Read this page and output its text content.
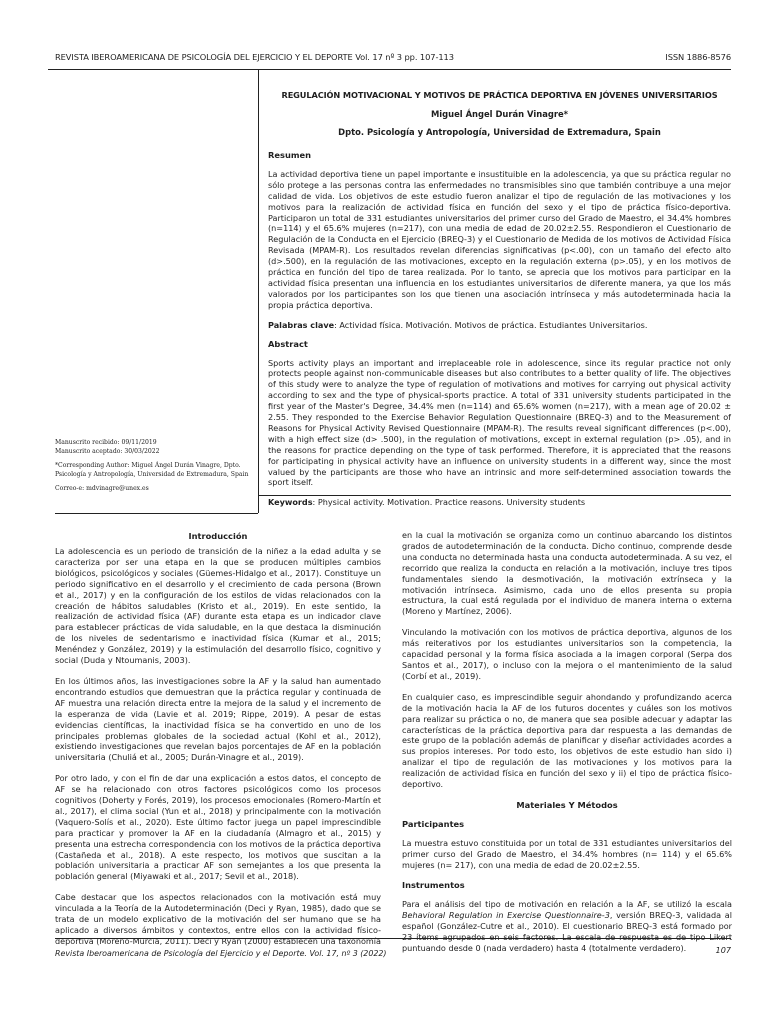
REVISTA IBEROAMERICANA DE PSICOLOGÍA DEL EJERCICIO Y EL DEPORTE Vol. 17 nº 3 pp. 107-113	ISSN 1886-8576
REGULACIÓN MOTIVACIONAL Y MOTIVOS DE PRÁCTICA DEPORTIVA EN JÓVENES UNIVERSITARIOS
Miguel Ángel Durán Vinagre*
Dpto. Psicología y Antropología, Universidad de Extremadura, Spain
Resumen
La actividad deportiva tiene un papel importante e insustituible en la adolescencia, ya que su práctica regular no sólo protege a las personas contra las enfermedades no transmisibles sino que también contribuye a una mejor calidad de vida. Los objetivos de este estudio fueron analizar el tipo de regulación de las motivaciones y los motivos para la realización de actividad física en función del sexo y el tipo de práctica físico-deportiva. Participaron un total de 331 estudiantes universitarios del primer curso del Grado de Maestro, el 34.4% hombres (n=114) y el 65.6% mujeres (n=217), con una media de edad de 20.02±2.55. Respondieron el Cuestionario de Regulación de la Conducta en el Ejercicio (BREQ-3) y el Cuestionario de Medida de los motivos de Actividad Física Revisada (MPAM-R). Los resultados revelan diferencias significativas (p<.00), con un tamaño del efecto alto (d>.500), en la regulación de las motivaciones, excepto en la regulación externa (p>.05), y en los motivos de práctica en función del tipo de tarea realizada. Por lo tanto, se aprecia que los motivos para participar en la actividad física presentan una influencia en los estudiantes universitarios de diferente manera, ya que los más valorados por los participantes son los que tienen una asociación intrínseca y más autodeterminada hacia la propia práctica deportiva.
Palabras clave: Actividad física. Motivación. Motivos de práctica. Estudiantes Universitarios.
Abstract
Sports activity plays an important and irreplaceable role in adolescence, since its regular practice not only protects people against non-communicable diseases but also contributes to a better quality of life. The objectives of this study were to analyze the type of regulation of motivations and motives for carrying out physical activity according to sex and the type of physical-sports practice. A total of 331 university students participated in the first year of the Master's Degree, 34.4% men (n=114) and 65.6% women (n=217), with a mean age of 20.02 ± 2.55. They responded to the Exercise Behavior Regulation Questionnaire (BREQ-3) and to the Measurement of Reasons for Physical Activity Revised Questionnaire (MPAM-R). The results reveal significant differences (p<.00), with a high effect size (d> .500), in the regulation of motivations, except in external regulation (p> .05), and in the reasons for practice depending on the type of task performed. Therefore, it is appreciated that the reasons for participating in physical activity have an influence on university students in a different way, since the most valued by the participants are those who have an intrinsic and more self-determined association towards the sport itself.
Keywords: Physical activity. Motivation. Practice reasons. University students

Manuscrito recibido: 09/11/2019

Manuscrito aceptado: 30/03/2022

*Corresponding Author: Miguel Ángel Durán Vinagre, Dpto. Psicología y Antropología, Universidad de Extremadura, Spain

Correo-e: mdvinagre@unex.es

Introducción

La adolescencia es un periodo de transición de la niñez a la edad adulta y se caracteriza por ser una etapa en la que se producen múltiples cambios biológicos, psicológicos y sociales (Güemes-Hidalgo et al., 2017). Constituye un periodo significativo en el desarrollo y el crecimiento de cada persona (Brown et al., 2017) y en la configuración de los estilos de vidas relacionados con la creación de hábitos saludables (Kristo et al., 2019). En este sentido, la realización de actividad física (AF) durante esta etapa es un indicador clave para establecer prácticas de vida saludable, en la que destaca la disminución de los niveles de sedentarismo e inactividad física (Kumar et al., 2015; Menéndez y González, 2019) y la estimulación del desarrollo físico, cognitivo y social (Duda y Ntoumanis, 2003).

En los últimos años, las investigaciones sobre la AF y la salud han aumentado encontrando estudios que demuestran que la práctica regular y continuada de AF muestra una relación directa entre la mejora de la salud y el incremento de la esperanza de vida (Lavie et al. 2019; Rippe, 2019). A pesar de estas evidencias científicas, la inactividad física se ha convertido en uno de los principales problemas globales de la sociedad actual (Kohl et al., 2012), existiendo investigaciones que revelan bajos porcentajes de AF en la población universitaria (Chuliá et al., 2005; Durán-Vinagre et al., 2019).

Por otro lado, y con el fin de dar una explicación a estos datos, el concepto de AF se ha relacionado con otros factores psicológicos como los procesos cognitivos (Doherty y Forés, 2019), los procesos emocionales (Romero-Martín et al., 2017), el clima social (Yun et al., 2018) y principalmente con la motivación (Vaquero-Solís et al., 2020). Este último factor juega un papel imprescindible para practicar y promover la AF en la ciudadanía (Almagro et al., 2015) y presenta una estrecha correspondencia con los motivos de la práctica deportiva (Castañeda et al., 2018). A este respecto, los motivos que suscitan a la población universitaria a practicar AF son semejantes a los que presenta la población general (Miyawaki et al., 2017; Sevil et al., 2018).

Cabe destacar que los aspectos relacionados con la motivación está muy vinculada a la Teoría de la Autodeterminación (Deci y Ryan, 1985), dado que se trata de un modelo explicativo de la motivación del ser humano que se ha aplicado a diversos ámbitos y contextos, entre ellos con la actividad físico-deportiva (Moreno-Murcia, 2011). Deci y Ryan (2000) establecen una taxonomía

en la cual la motivación se organiza como un continuo abarcando los distintos grados de autodeterminación de la conducta. Dicho continuo, comprende desde una conducta no determinada hasta una conducta autodeterminada. A su vez, el recorrido que realiza la conducta en relación a la motivación, incluye tres tipos fundamentales siendo la desmotivación, la motivación extrínseca y la motivación intrínseca. Asimismo, cada uno de ellos presenta su propia estructura, la cual está regulada por el individuo de manera interna o externa (Moreno y Martínez, 2006).

Vinculando la motivación con los motivos de práctica deportiva, algunos de los más reiterativos por los estudiantes universitarios son la competencia, la capacidad personal y la forma física asociada a la imagen corporal (Serpa dos Santos et al., 2017), o incluso con la mejora o el mantenimiento de la salud (Corbí et al., 2019).

En cualquier caso, es imprescindible seguir ahondando y profundizando acerca de la motivación hacia la AF de los futuros docentes y cuáles son los motivos para realizar su práctica o no, de manera que sea posible adecuar y adaptar las características de la práctica deportiva para dar respuesta a las demandas de este grupo de la población además de planificar y diseñar actividades acordes a sus propios intereses. Por todo esto, los objetivos de este estudio han sido i) analizar el tipo de regulación de las motivaciones y los motivos para la realización de actividad física en función del sexo y ii) el tipo de práctica físico-deportivo.

Materiales Y Métodos
Participantes

La muestra estuvo constituida por un total de 331 estudiantes universitarios del primer curso del Grado de Maestro, el 34.4% hombres (n= 114) y el 65.6% mujeres (n= 217), con una media de edad de 20.02±2.55.

Instrumentos

Para el análisis del tipo de motivación en relación a la AF, se utilizó la escala Behavioral Regulation in Exercise Questionnaire-3, versión BREQ-3, validada al español (González-Cutre et al., 2010). El cuestionario BREQ-3 está formado por 23 ítems agrupados en seis factores. La escala de respuesta es de tipo Likert puntuando desde 0 (nada verdadero) hasta 4 (totalmente verdadero).

Revista Iberoamericana de Psicología del Ejercicio y el Deporte. Vol. 17, nº 3 (2022)	107
